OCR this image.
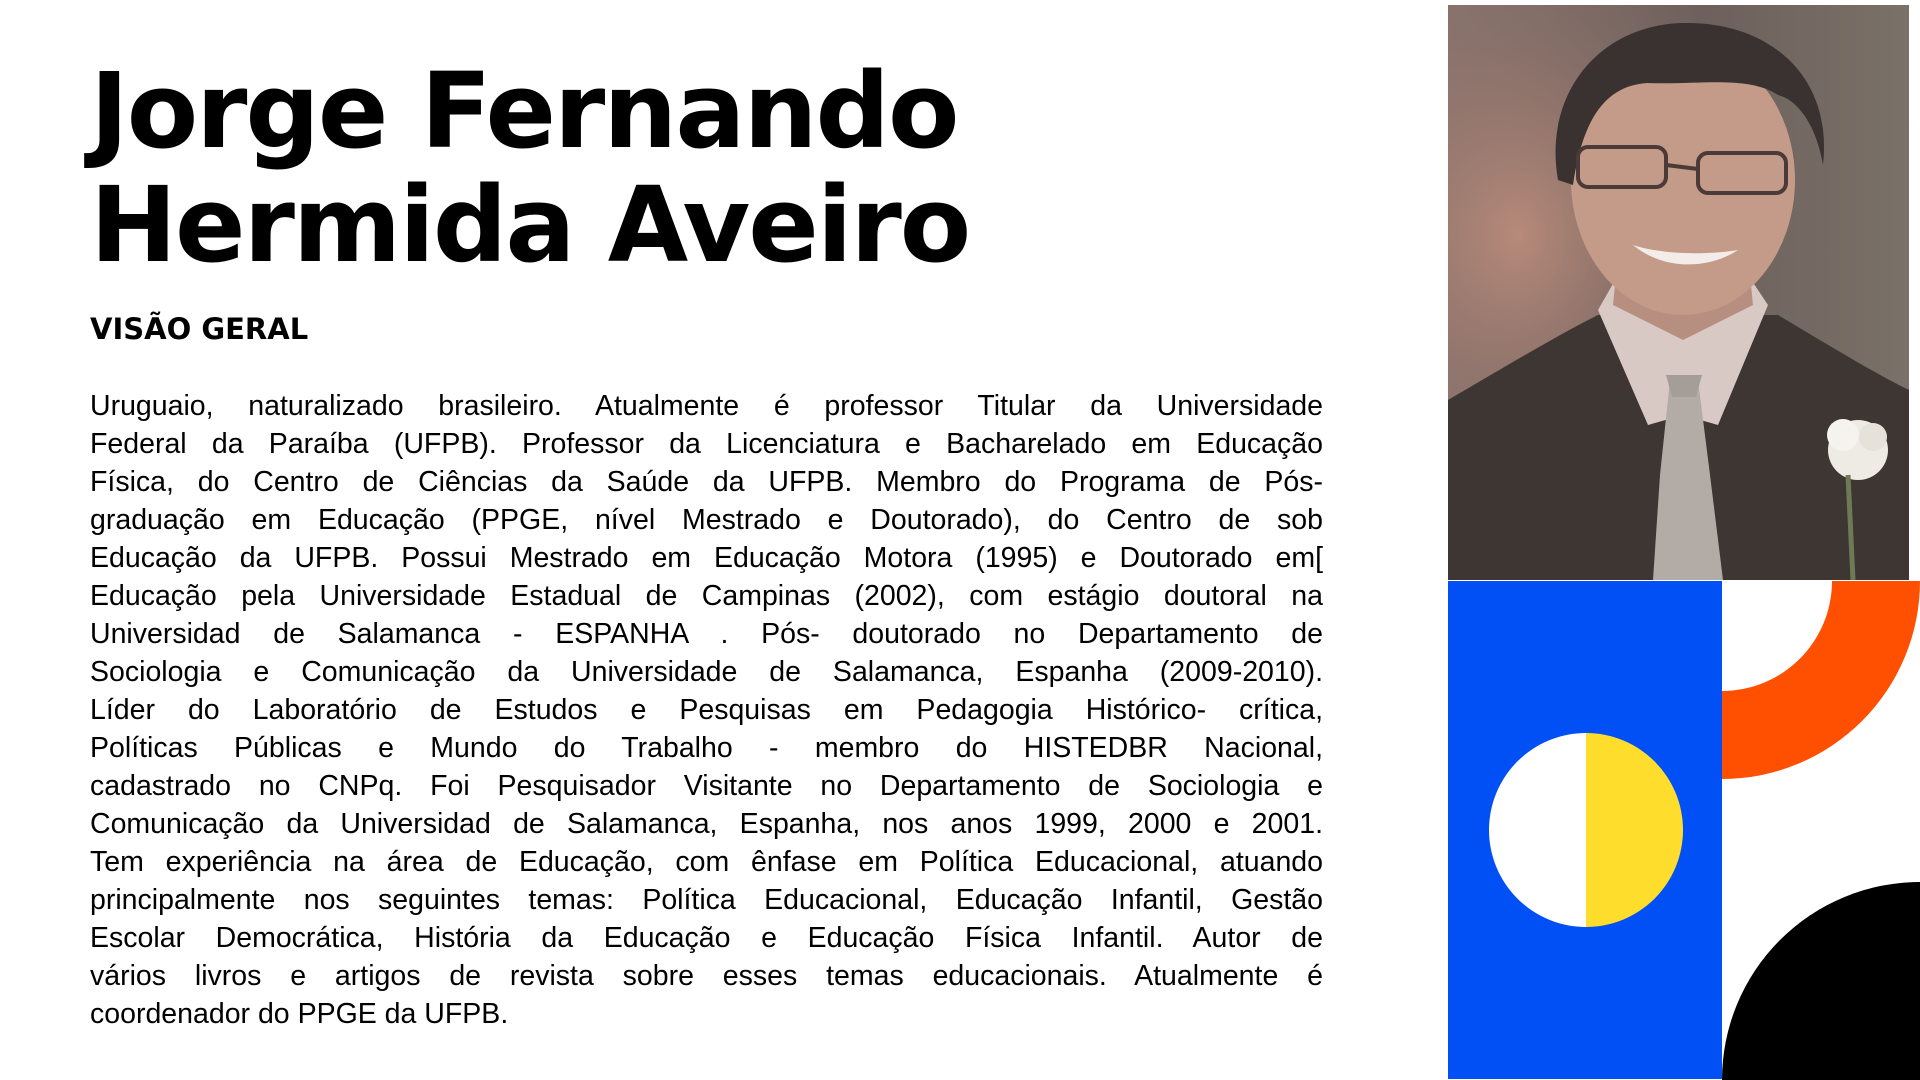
Jorge Fernando
Hermida Aveiro
VISÃO GERAL
Uruguaio, naturalizado brasileiro. Atualmente é professor Titular da Universidade
Federal da Paraíba (UFPB). Professor da Licenciatura e Bacharelado em Educação
Física, do Centro de Ciências da Saúde da UFPB. Membro do Programa de Pós-
graduação em Educação (PPGE, nível Mestrado e Doutorado), do Centro de sob
Educação da UFPB. Possui Mestrado em Educação Motora (1995) e Doutorado em[
Educação pela Universidade Estadual de Campinas (2002), com estágio doutoral na
Universidad de Salamanca - ESPANHA . Pós- doutorado no Departamento de
Sociologia e Comunicação da Universidade de Salamanca, Espanha (2009-2010).
Líder do Laboratório de Estudos e Pesquisas em Pedagogia Histórico- crítica,
Políticas Públicas e Mundo do Trabalho - membro do HISTEDBR Nacional,
cadastrado no CNPq. Foi Pesquisador Visitante no Departamento de Sociologia e
Comunicação da Universidad de Salamanca, Espanha, nos anos 1999, 2000 e 2001.
Tem experiência na área de Educação, com ênfase em Política Educacional, atuando
principalmente nos seguintes temas: Política Educacional, Educação Infantil, Gestão
Escolar Democrática, História da Educação e Educação Física Infantil. Autor de
vários livros e artigos de revista sobre esses temas educacionais. Atualmente é
coordenador do PPGE da UFPB.
